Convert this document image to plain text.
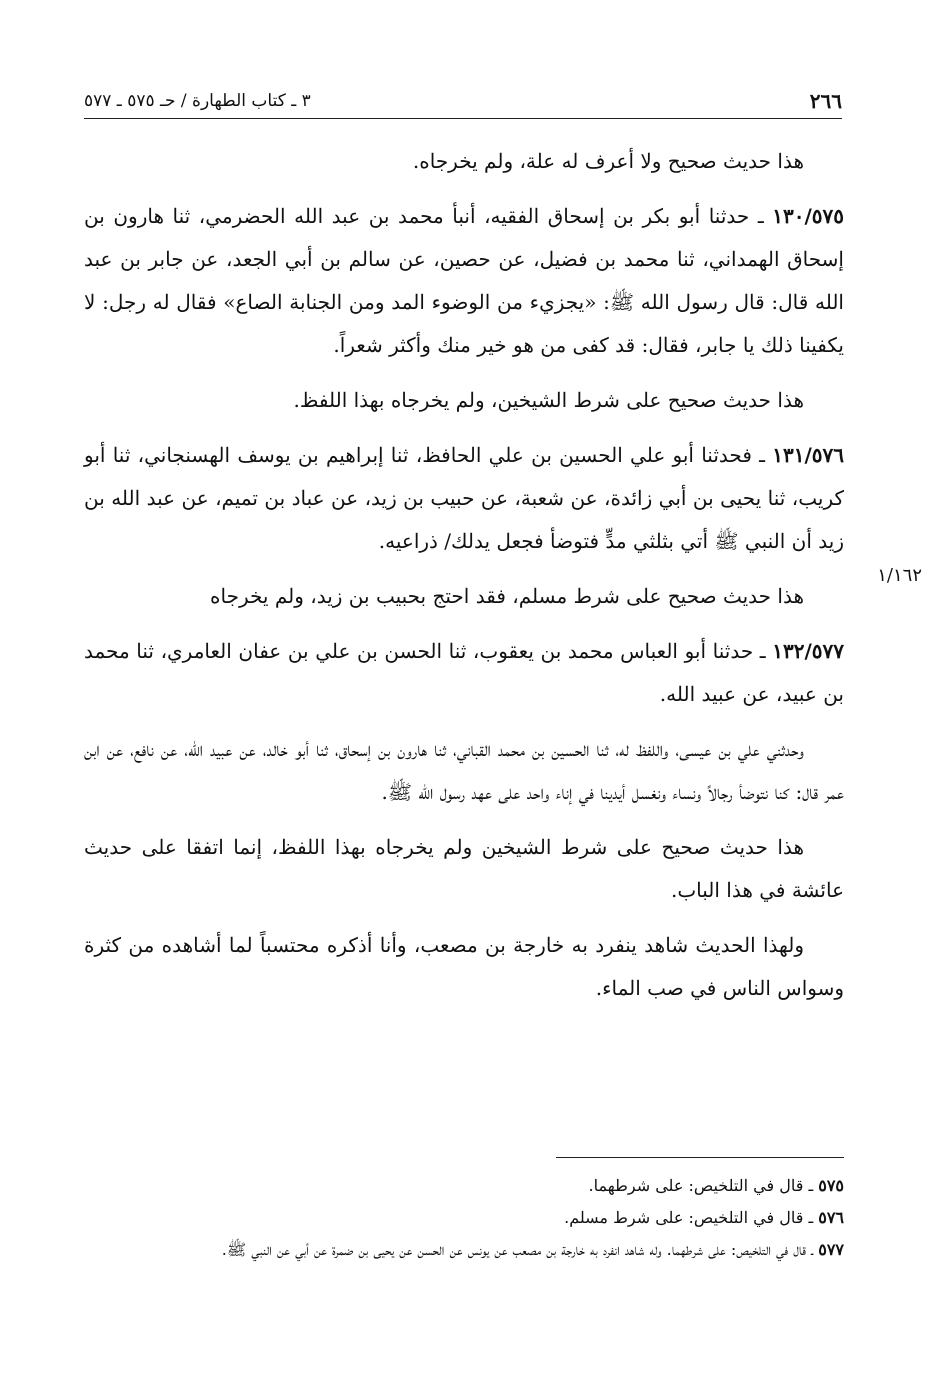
٢٦٦
٣ ـ كتاب الطهارة / حـ ٥٧٥ ـ ٥٧٧

هذا حديث صحيح ولا أعرف له علة، ولم يخرجاه.

١٣٠/٥٧٥ ـ حدثنا أبو بكر بن إسحاق الفقيه، أنبأ محمد بن عبد الله الحضرمي، ثنا هارون بن إسحاق الهمداني، ثنا محمد بن فضيل، عن حصين، عن سالم بن أبي الجعد، عن جابر بن عبد الله قال: قال رسول الله ﷺ: «يجزيء من الوضوء المد ومن الجنابة الصاع» فقال له رجل: لا يكفينا ذلك يا جابر، فقال: قد كفى من هو خير منك وأكثر شعراً.

هذا حديث صحيح على شرط الشيخين، ولم يخرجاه بهذا اللفظ.

١٣١/٥٧٦ ـ فحدثنا أبو علي الحسين بن علي الحافظ، ثنا إبراهيم بن يوسف الهسنجاني، ثنا أبو كريب، ثنا يحيى بن أبي زائدة، عن شعبة، عن حبيب بن زيد، عن عباد بن تميم، عن عبد الله بن زيد أن النبي ﷺ أتي بثلثي مدٍّ فتوضأ فجعل يدلك/ ذراعيه.

هذا حديث صحيح على شرط مسلم، فقد احتج بحبيب بن زيد، ولم يخرجاه

١٣٢/٥٧٧ ـ حدثنا أبو العباس محمد بن يعقوب، ثنا الحسن بن علي بن عفان العامري، ثنا محمد بن عبيد، عن عبيد الله.

وحدثني علي بن عيسى، واللفظ له، ثنا الحسين بن محمد القباني، ثنا هارون بن إسحاق، ثنا أبو خالد، عن عبيد الله، عن نافع، عن ابن عمر قال: كنا نتوضأ رجالاً ونساء ونغسل أيدينا في إناء واحد على عهد رسول الله ﷺ.

هذا حديث صحيح على شرط الشيخين ولم يخرجاه بهذا اللفظ، إنما اتفقا على حديث عائشة في هذا الباب.

ولهذا الحديث شاهد ينفرد به خارجة بن مصعب، وأنا أذكره محتسباً لما أشاهده من كثرة وسواس الناس في صب الماء.

١/١٦٢
٥٧٥ ـ قال في التلخيص: على شرطهما.
٥٧٦ ـ قال في التلخيص: على شرط مسلم.
٥٧٧ ـ قال في التلخيص: على شرطهما. وله شاهد انفرد به خارجة بن مصعب عن يونس عن الحسن عن يحيى بن ضمرة عن أبي عن النبي ﷺ.
